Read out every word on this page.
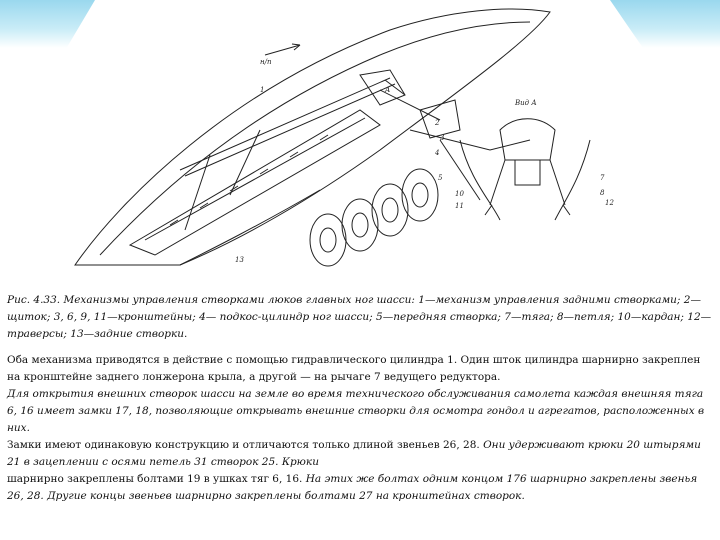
н/п
А
Вид А
1
2
3
4
5	7
8
10
11	12
13
Рис. 4.33. Механизмы управления створками люков главных ног шасси: 1—механизм управления задними створками; 2—щиток; 3, 6, 9, 11—кронштейны; 4— подкос-цилиндр ног шасси; 5—передняя створка; 7—тяга; 8—петля; 10—кардан; 12— траверсы; 13—задние створки.

Оба механизма приводятся в действие с помощью гидравлического цилиндра 1. Один шток цилиндра шарнирно закреплен на кронштейне заднего лонжерона крыла, а другой — на рычаге 7 ведущего редуктора.

Для открытия внешних створок шасси на земле во время технического обслуживания самолета каждая внешняя тяга 6, 16 имеет замки 17, 18, позволяющие открывать внешние створки для осмотра гондол и агрегатов, расположенных в них.

Замки имеют одинаковую конструкцию и отличаются только длиной звеньев 26, 28. Они удерживают крюки 20 штырями 21 в зацеплении с осями петель 31 створок 25. Крюки

шарнирно закреплены болтами 19 в ушках тяг 6, 16. На этих же болтах одним концом 176 шарнирно закреплены звенья 26, 28. Другие концы звеньев шарнирно закреплены болтами 27 на кронштейнах створок.
